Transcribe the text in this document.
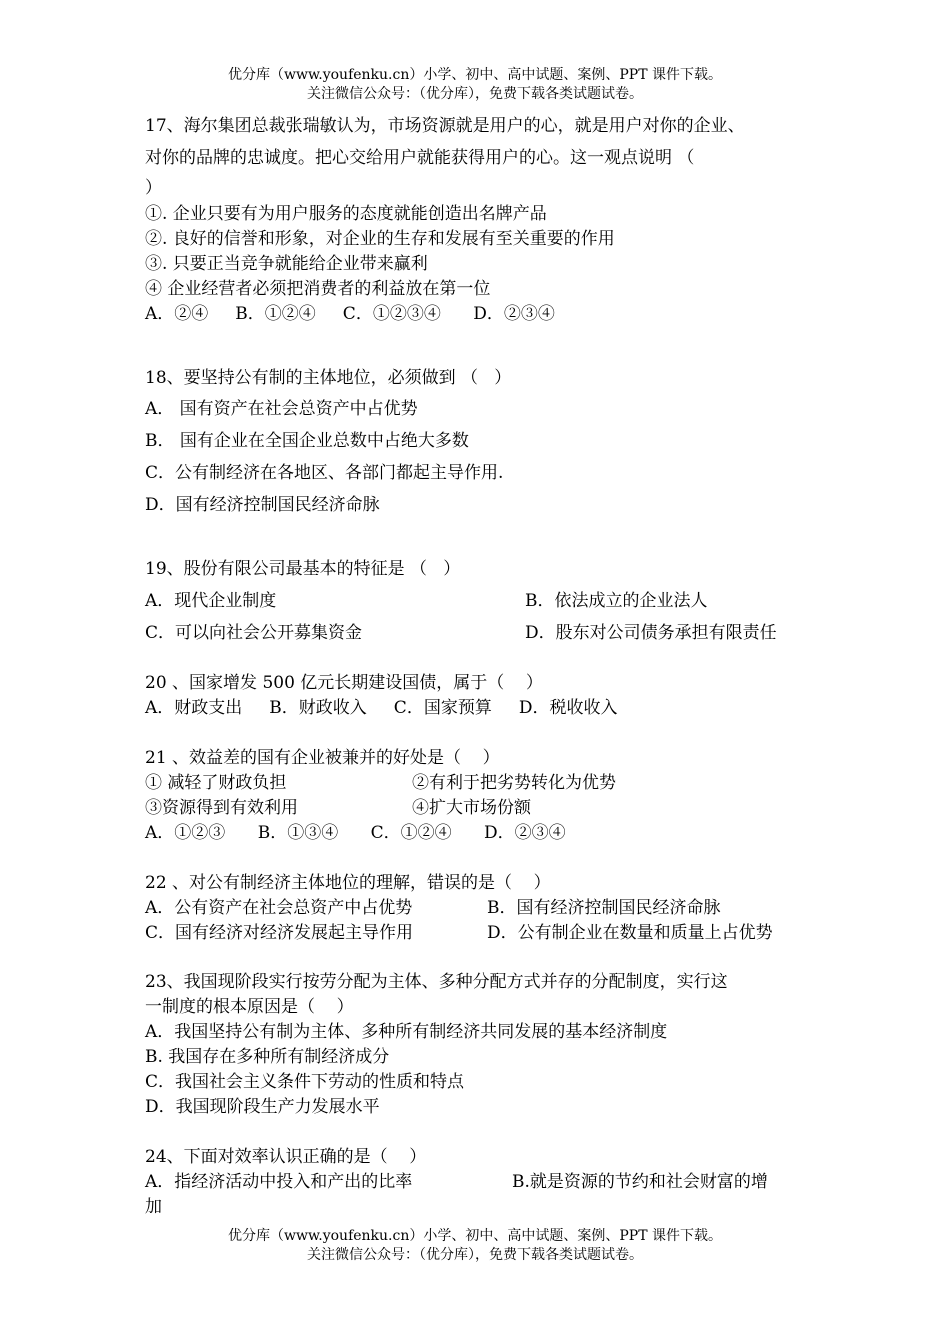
优分库（www.youfenku.cn）小学、初中、高中试题、案例、PPT 课件下载。
关注微信公众号：（优分库），免费下载各类试题试卷。
17、海尔集团总裁张瑞敏认为，市场资源就是用户的心，就是用户对你的企业、
对你的品牌的忠诚度。把心交给用户就能获得用户的心。这一观点说明 （
）
①. 企业只要有为用户服务的态度就能创造出名牌产品
②. 良好的信誉和形象，对企业的生存和发展有至关重要的作用
③. 只要正当竞争就能给企业带来赢利
④ 企业经营者必须把消费者的利益放在第一位
A．②④     B．①②④     C．①②③④      D．②③④
18、要坚持公有制的主体地位，必须做到 （   ）
A． 国有资产在社会总资产中占优势
B． 国有企业在全国企业总数中占绝大多数
C．公有制经济在各地区、各部门都起主导作用.
D．国有经济控制国民经济命脉
19、股份有限公司最基本的特征是 （   ）
A．现代企业制度	B．依法成立的企业法人
C．可以向社会公开募集资金	D．股东对公司债务承担有限责任
20 、国家增发 500 亿元长期建设国债，属于（    ）
A．财政支出     B．财政收入     C．国家预算     D．税收收入
21 、效益差的国有企业被兼并的好处是（    ）
① 减轻了财政负担	②有利于把劣势转化为优势
③资源得到有效利用	④扩大市场份额
A．①②③      B．①③④      C．①②④      D．②③④
22 、对公有制经济主体地位的理解，错误的是（    ）
A．公有资产在社会总资产中占优势	B．国有经济控制国民经济命脉
C．国有经济对经济发展起主导作用	D．公有制企业在数量和质量上占优势
23、我国现阶段实行按劳分配为主体、多种分配方式并存的分配制度，实行这
一制度的根本原因是（    ）
A．我国坚持公有制为主体、多种所有制经济共同发展的基本经济制度
B. 我国存在多种所有制经济成分
C．我国社会主义条件下劳动的性质和特点
D．我国现阶段生产力发展水平
24、下面对效率认识正确的是（    ）
A．指经济活动中投入和产出的比率	B.就是资源的节约和社会财富的增
加
优分库（www.youfenku.cn）小学、初中、高中试题、案例、PPT 课件下载。
关注微信公众号：（优分库），免费下载各类试题试卷。
